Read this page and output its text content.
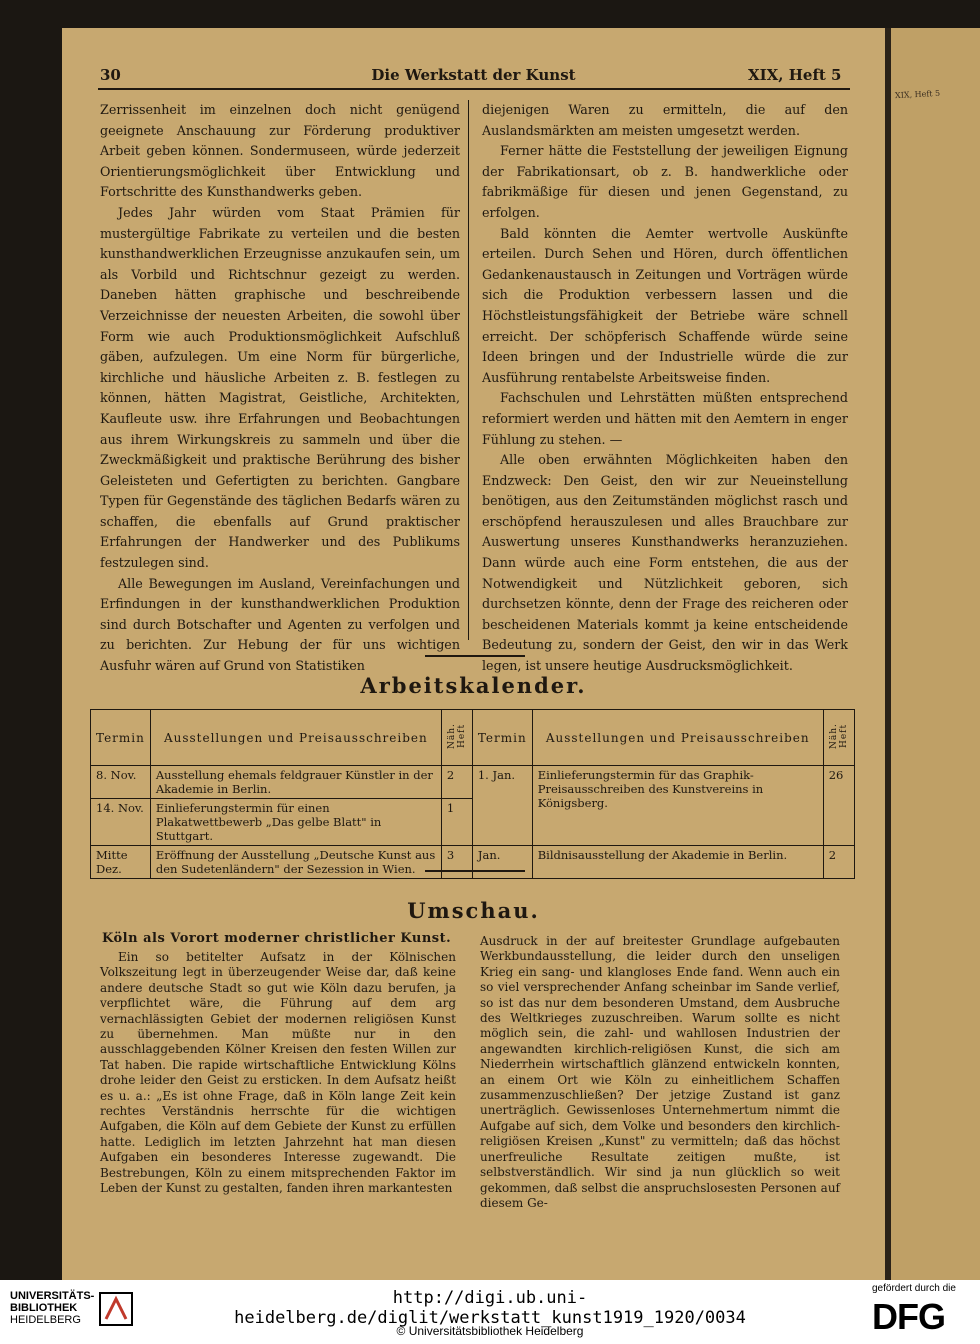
XIX, Heft 5
30	Die Werkstatt der Kunst	XIX, Heft 5

Zerrissenheit im einzelnen doch nicht genügend geeignete Anschauung zur Förderung produktiver Arbeit geben können. Sondermuseen, würde jederzeit Orientierungsmöglichkeit über Entwicklung und Fortschritte des Kunsthandwerks geben.

Jedes Jahr würden vom Staat Prämien für mustergültige Fabrikate zu verteilen und die besten kunsthandwerklichen Erzeugnisse anzukaufen sein, um als Vorbild und Richtschnur gezeigt zu werden. Daneben hätten graphische und beschreibende Verzeichnisse der neuesten Arbeiten, die sowohl über Form wie auch Produktionsmöglichkeit Aufschluß gäben, aufzulegen. Um eine Norm für bürgerliche, kirchliche und häusliche Arbeiten z. B. festlegen zu können, hätten Magistrat, Geistliche, Architekten, Kaufleute usw. ihre Erfahrungen und Beobachtungen aus ihrem Wirkungskreis zu sammeln und über die Zweckmäßigkeit und praktische Berührung des bisher Geleisteten und Gefertigten zu berichten. Gangbare Typen für Gegenstände des täglichen Bedarfs wären zu schaffen, die ebenfalls auf Grund praktischer Erfahrungen der Handwerker und des Publikums festzulegen sind.

Alle Bewegungen im Ausland, Vereinfachungen und Erfindungen in der kunsthandwerklichen Produktion sind durch Botschafter und Agenten zu verfolgen und zu berichten. Zur Hebung der für uns wichtigen Ausfuhr wären auf Grund von Statistiken

diejenigen Waren zu ermitteln, die auf den Auslandsmärkten am meisten umgesetzt werden.

Ferner hätte die Feststellung der jeweiligen Eignung der Fabrikationsart, ob z. B. handwerkliche oder fabrikmäßige für diesen und jenen Gegenstand, zu erfolgen.

Bald könnten die Aemter wertvolle Auskünfte erteilen. Durch Sehen und Hören, durch öffentlichen Gedankenaustausch in Zeitungen und Vorträgen würde sich die Produktion verbessern lassen und die Höchstleistungsfähigkeit der Betriebe wäre schnell erreicht. Der schöpferisch Schaffende würde seine Ideen bringen und der Industrielle würde die zur Ausführung rentabelste Arbeitsweise finden.

Fachschulen und Lehrstätten müßten entsprechend reformiert werden und hätten mit den Aemtern in enger Fühlung zu stehen. —

Alle oben erwähnten Möglichkeiten haben den Endzweck: Den Geist, den wir zur Neueinstellung benötigen, aus den Zeitumständen möglichst rasch und erschöpfend herauszulesen und alles Brauchbare zur Auswertung unseres Kunsthandwerks heranzuziehen. Dann würde auch eine Form entstehen, die aus der Notwendigkeit und Nützlichkeit geboren, sich durchsetzen könnte, denn der Frage des reicheren oder bescheidenen Materials kommt ja keine entscheidende Bedeutung zu, sondern der Geist, den wir in das Werk legen, ist unsere heutige Ausdrucksmöglichkeit.

Arbeitskalender.
Termin	Ausstellungen und Preisausschreiben	Näh. Heft	Termin	Ausstellungen und Preisausschreiben	Näh. Heft
8. Nov.	Ausstellung ehemals feldgrauer Künstler in der Akademie in Berlin.	2	1. Jan.	Einlieferungstermin für das Graphik-Preisausschreiben des Kunstvereins in Königsberg.	26
14. Nov.	Einlieferungstermin für einen Plakatwettbewerb „Das gelbe Blatt" in Stuttgart.	1			
Mitte Dez.	Eröffnung der Ausstellung „Deutsche Kunst aus den Sudetenländern" der Sezession in Wien.	3	Jan.	Bildnisausstellung der Akademie in Berlin.	2
Umschau.
Köln als Vorort moderner christlicher Kunst.

Ein so betitelter Aufsatz in der Kölnischen Volkszeitung legt in überzeugender Weise dar, daß keine andere deutsche Stadt so gut wie Köln dazu berufen, ja verpflichtet wäre, die Führung auf dem arg vernachlässigten Gebiet der modernen religiösen Kunst zu übernehmen. Man müßte nur in den ausschlaggebenden Kölner Kreisen den festen Willen zur Tat haben. Die rapide wirtschaftliche Entwicklung Kölns drohe leider den Geist zu ersticken. In dem Aufsatz heißt es u. a.: „Es ist ohne Frage, daß in Köln lange Zeit kein rechtes Verständnis herrschte für die wichtigen Aufgaben, die Köln auf dem Gebiete der Kunst zu erfüllen hatte. Lediglich im letzten Jahrzehnt hat man diesen Aufgaben ein besonderes Interesse zugewandt. Die Bestrebungen, Köln zu einem mitsprechenden Faktor im Leben der Kunst zu gestalten, fanden ihren markantesten

Ausdruck in der auf breitester Grundlage aufgebauten Werkbundausstellung, die leider durch den unseligen Krieg ein sang- und klangloses Ende fand. Wenn auch ein so viel versprechender Anfang scheinbar im Sande verlief, so ist das nur dem besonderen Umstand, dem Ausbruche des Weltkrieges zuzuschreiben. Warum sollte es nicht möglich sein, die zahl- und wahllosen Industrien der angewandten kirchlich-religiösen Kunst, die sich am Niederrhein wirtschaftlich glänzend entwickeln konnten, an einem Ort wie Köln zu einheitlichem Schaffen zusammenzuschließen? Der jetzige Zustand ist ganz unerträglich. Gewissenloses Unternehmertum nimmt die Aufgabe auf sich, dem Volke und besonders den kirchlich-religiösen Kreisen „Kunst" zu vermitteln; daß das höchst unerfreuliche Resultate zeitigen mußte, ist selbstverständlich. Wir sind ja nun glücklich so weit gekommen, daß selbst die anspruchslosesten Personen auf diesem Ge-

UNIVERSITÄTS-
BIBLIOTHEK
HEIDELBERG
http://digi.ub.uni-heidelberg.de/diglit/werkstatt_kunst1919_1920/0034
© Universitätsbibliothek Heidelberg
gefördert durch die
DFG
